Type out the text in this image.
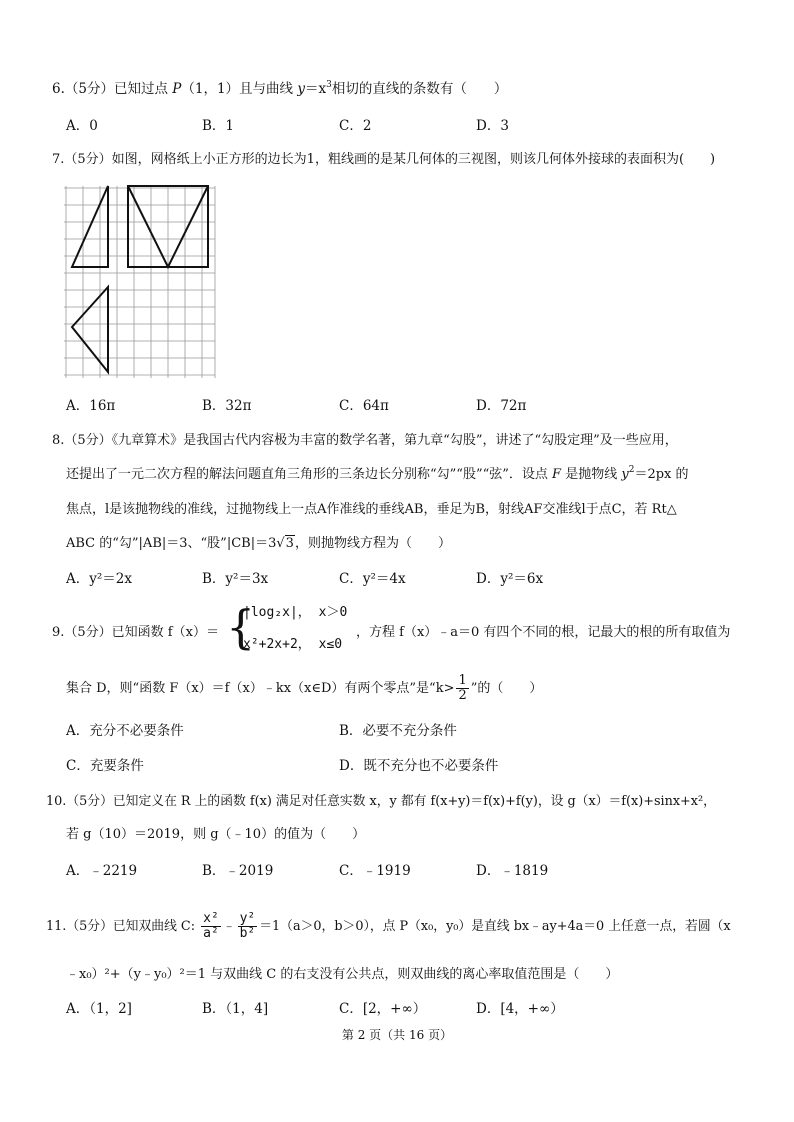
6.（5分）已知过点 P（1，1）且与曲线 $y=x^3$相切的直线的条数有（　　）
A．0	B．1	C．2	D．3
7.（5分）如图，网格纸上小正方形的边长为1，粗线画的是某几何体的三视图，则该几何体外接球的表面积为(　　)
A．16π	B．32π	C．64π	D．72π
8.（5分）《九章算术》是我国古代内容极为丰富的数学名著，第九章“勾股”，讲述了“勾股定理”及一些应用，
还提出了一元二次方程的解法问题直角三角形的三条边长分别称“勾”“股”“弦”．设点 F 是抛物线 $y^2=2px$ 的
焦点，l是该抛物线的准线，过抛物线上一点A作准线的垂线AB，垂足为B，射线AF交准线l于点C，若 Rt△
ABC 的“勾”|AB|＝3、“股”|CB|＝3√3，则抛物线方程为（　　）
A．y²＝2x	B．y²＝3x	C．y²＝4x	D．y²＝6x
9.（5分）已知函数 f（x）＝ {
|log₂x|， x＞0
x²+2x+2， x≤0
，方程 f（x）﹣a＝0 有四个不同的根，记最大的根的所有取值为
集合 D，则“函数 F（x）＝f（x）﹣kx（x∈D）有两个零点”是“$k> \frac{1}{2}$ ”的（　　）
A．充分不必要条件	B．必要不充分条件
C．充要条件	D．既不充分也不必要条件
10.（5分）已知定义在 R 上的函数 f(x) 满足对任意实数 x，y 都有 f(x+y)＝f(x)+f(y)，设 g（x）＝f(x)+sinx+x²，
若 g（10）＝2019，则 g（﹣10）的值为（　　）
A．﹣2219	B．﹣2019	C．﹣1919	D．﹣1819
11.（5分）已知双曲线 C: $\frac{\text{x²}}{\text{a²}}$ ﹣ $\frac{\text{y²}}{\text{b²}} =1(a>0$，b＞0），点 P（x₀，y₀）是直线 bx﹣ay+4a＝0 上任意一点，若圆（x
﹣x₀）²+（y﹣y₀）²＝1 与双曲线 C 的右支没有公共点，则双曲线的离心率取值范围是（　　）
A．（1，2]	B．（1，4]	C．[2，+∞）	D．[4，+∞）
第 2 页（共 16 页）
